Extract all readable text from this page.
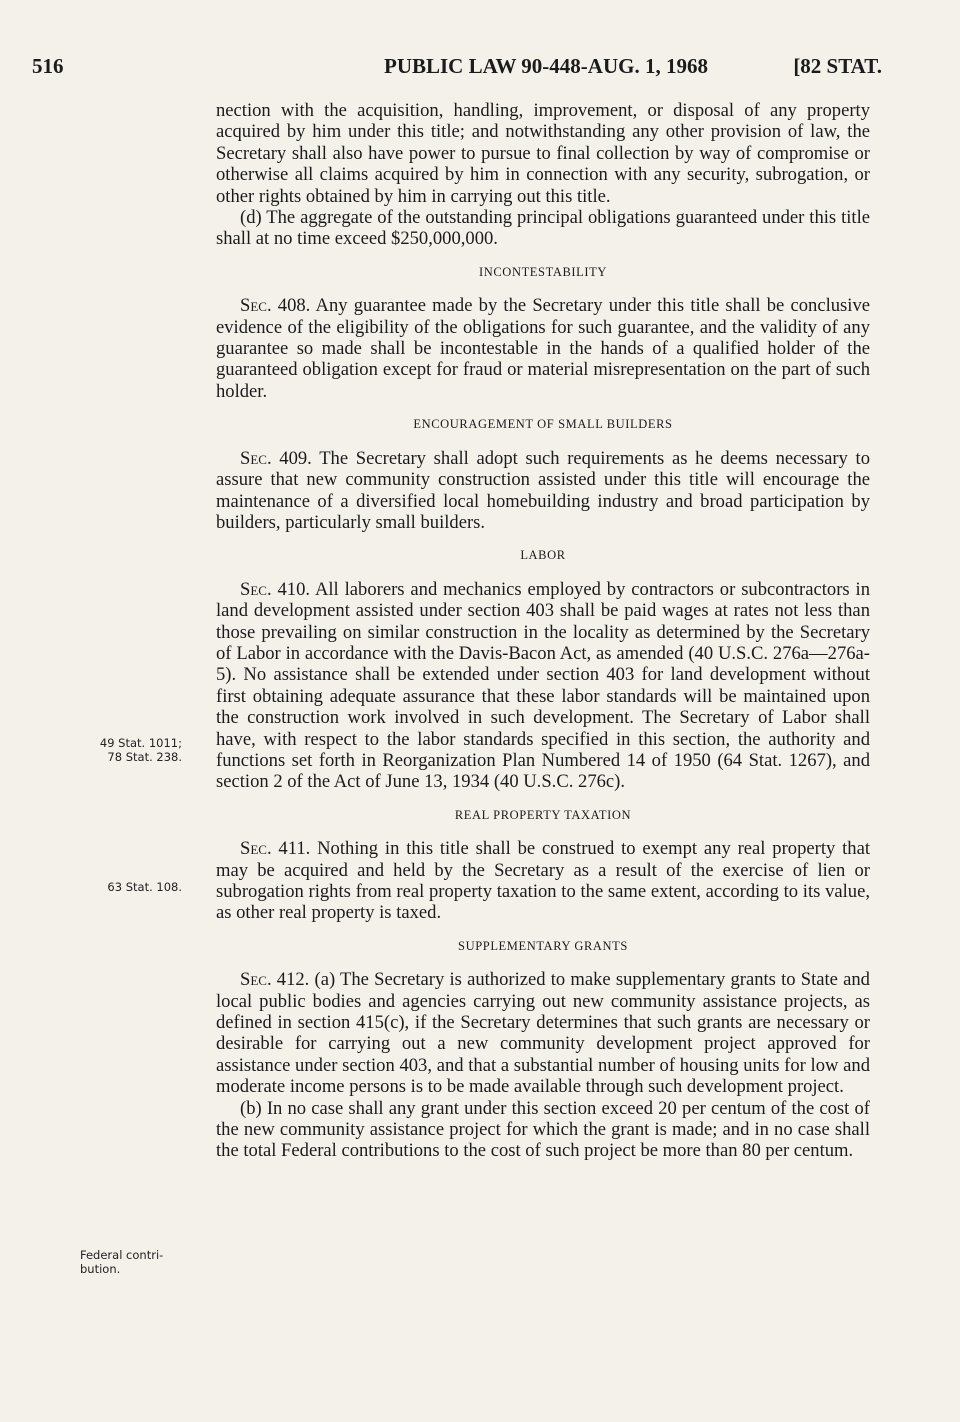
516	PUBLIC LAW 90-448-AUG. 1, 1968	[82 STAT.

nection with the acquisition, handling, improvement, or disposal of any property acquired by him under this title; and notwithstanding any other provision of law, the Secretary shall also have power to pursue to final collection by way of compromise or otherwise all claims acquired by him in connection with any security, subrogation, or other rights obtained by him in carrying out this title.

(d) The aggregate of the outstanding principal obligations guaranteed under this title shall at no time exceed $250,000,000.

INCONTESTABILITY

Sec. 408. Any guarantee made by the Secretary under this title shall be conclusive evidence of the eligibility of the obligations for such guarantee, and the validity of any guarantee so made shall be incontestable in the hands of a qualified holder of the guaranteed obligation except for fraud or material misrepresentation on the part of such holder.

ENCOURAGEMENT OF SMALL BUILDERS

Sec. 409. The Secretary shall adopt such requirements as he deems necessary to assure that new community construction assisted under this title will encourage the maintenance of a diversified local homebuilding industry and broad participation by builders, particularly small builders.

LABOR

Sec. 410. All laborers and mechanics employed by contractors or subcontractors in land development assisted under section 403 shall be paid wages at rates not less than those prevailing on similar construction in the locality as determined by the Secretary of Labor in accordance with the Davis-Bacon Act, as amended (40 U.S.C. 276a—276a-5). No assistance shall be extended under section 403 for land development without first obtaining adequate assurance that these labor standards will be maintained upon the construction work involved in such development. The Secretary of Labor shall have, with respect to the labor standards specified in this section, the authority and functions set forth in Reorganization Plan Numbered 14 of 1950 (64 Stat. 1267), and section 2 of the Act of June 13, 1934 (40 U.S.C. 276c).

REAL PROPERTY TAXATION

Sec. 411. Nothing in this title shall be construed to exempt any real property that may be acquired and held by the Secretary as a result of the exercise of lien or subrogation rights from real property taxation to the same extent, according to its value, as other real property is taxed.

SUPPLEMENTARY GRANTS

Sec. 412. (a) The Secretary is authorized to make supplementary grants to State and local public bodies and agencies carrying out new community assistance projects, as defined in section 415(c), if the Secretary determines that such grants are necessary or desirable for carrying out a new community development project approved for assistance under section 403, and that a substantial number of housing units for low and moderate income persons is to be made available through such development project.

(b) In no case shall any grant under this section exceed 20 per centum of the cost of the new community assistance project for which the grant is made; and in no case shall the total Federal contributions to the cost of such project be more than 80 per centum.

49 Stat. 1011;
78 Stat. 238.
63 Stat. 108.
Federal contri-
bution.
